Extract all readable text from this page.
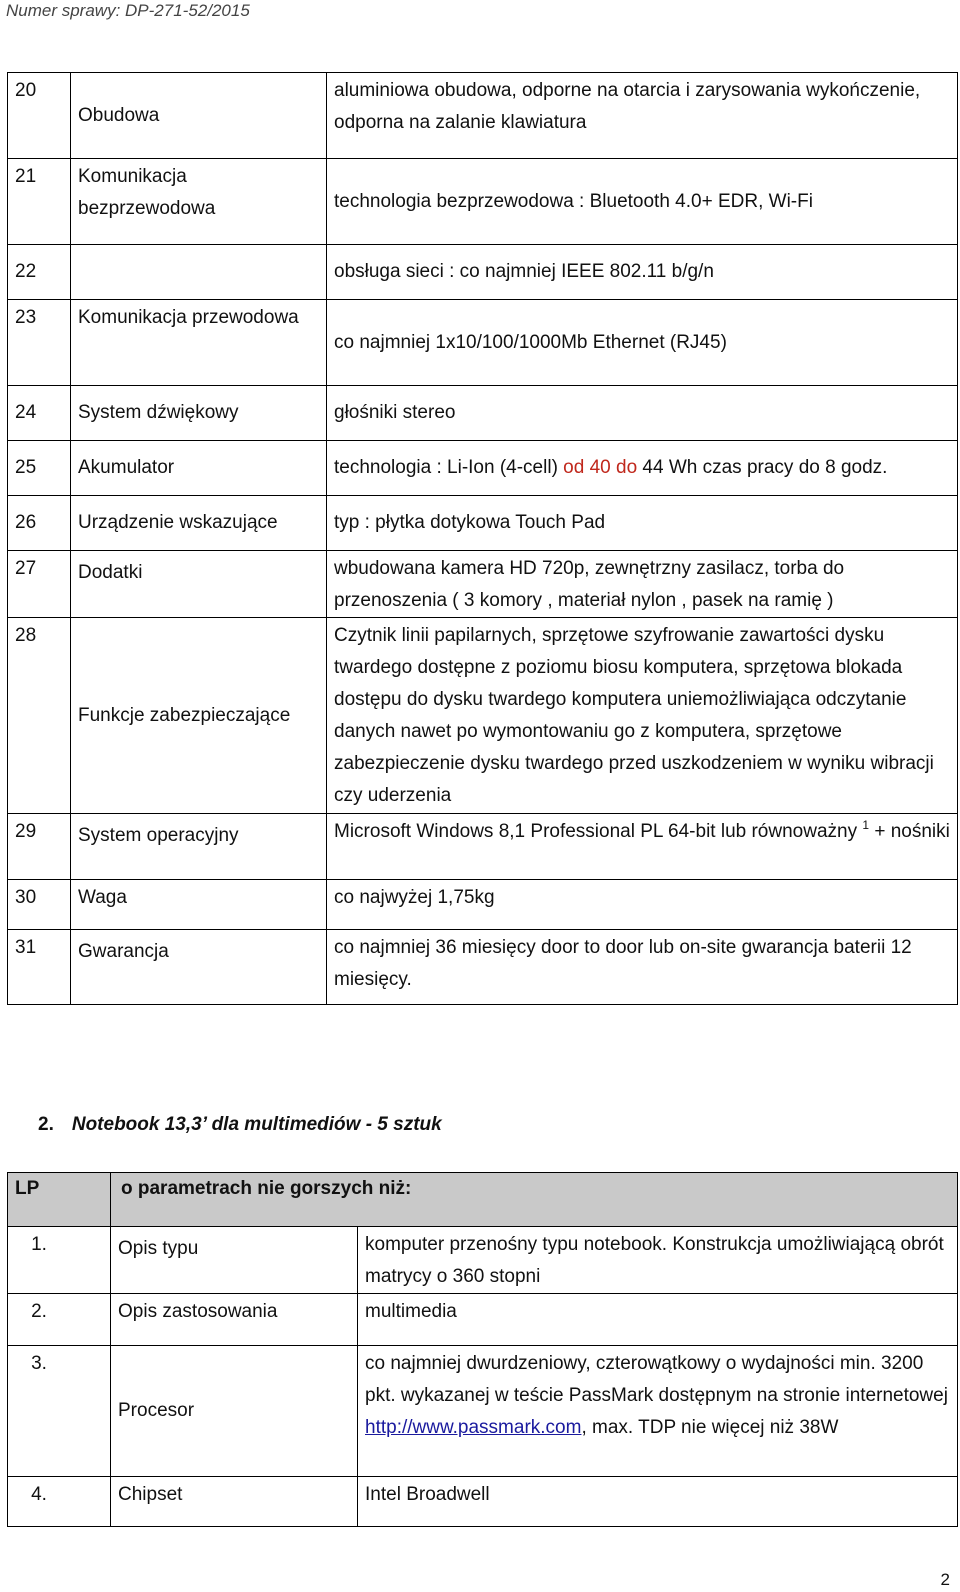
Numer sprawy: DP-271-52/2015
20	Obudowa	aluminiowa obudowa, odporne na otarcia i zarysowania wykończenie, odporna na zalanie klawiatura
21	Komunikacja bezprzewodowa	technologia bezprzewodowa : Bluetooth 4.0+ EDR, Wi-Fi
22		obsługa sieci : co najmniej IEEE 802.11 b/g/n
23	Komunikacja przewodowa	co najmniej 1x10/100/1000Mb Ethernet (RJ45)
24	System dźwiękowy	głośniki stereo
25	Akumulator	technologia : Li-Ion (4-cell) od 40 do 44 Wh czas pracy do 8 godz.
26	Urządzenie wskazujące	typ : płytka dotykowa Touch Pad
27	Dodatki	wbudowana kamera HD 720p, zewnętrzny zasilacz, torba do przenoszenia ( 3 komory , materiał nylon , pasek na ramię )
28	Funkcje zabezpieczające	Czytnik linii papilarnych, sprzętowe szyfrowanie zawartości dysku twardego dostępne z poziomu biosu komputera, sprzętowa blokada dostępu do dysku twardego komputera uniemożliwiająca odczytanie danych nawet po wymontowaniu go z komputera, sprzętowe zabezpieczenie dysku twardego przed uszkodzeniem w wyniku wibracji czy uderzenia
29	System operacyjny	Microsoft Windows 8,1 Professional PL 64-bit lub równoważny $^1$ + nośniki
30	Waga	co najwyżej 1,75kg
31	Gwarancja	co najmniej 36 miesięcy door to door lub on-site gwarancja baterii 12 miesięcy.
2. Notebook 13,3’ dla multimediów - 5 sztuk
LP	o parametrach nie gorszych niż:	
1.	Opis typu	komputer przenośny typu notebook. Konstrukcja umożliwiającą obrót matrycy o 360 stopni
2.	Opis zastosowania	multimedia
3.	Procesor	co najmniej dwurdzeniowy, czterowątkowy o wydajności min. 3200 pkt. wykazanej w teście PassMark dostępnym na stronie internetowej http://www.passmark.com, max. TDP nie więcej niż 38W
4.	Chipset	Intel Broadwell
2
